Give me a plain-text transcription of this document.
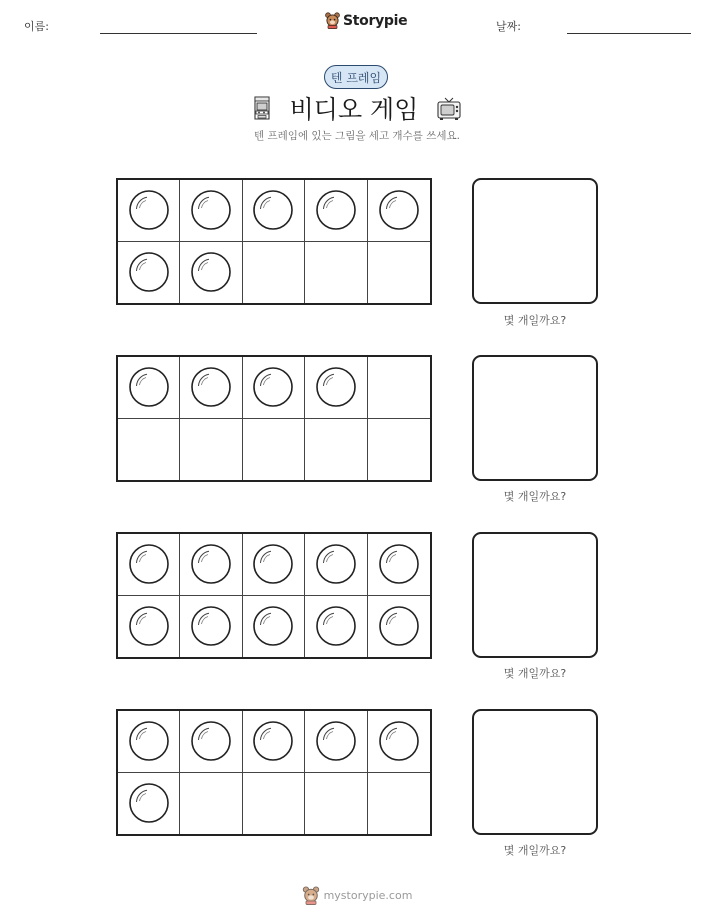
이름:	Storypie	날짜:
텐 프레임
비디오 게임
텐 프레임에 있는 그림을 세고 개수를 쓰세요.
몇 개일까요?
몇 개일까요?
몇 개일까요?
몇 개일까요?
mystorypie.com
